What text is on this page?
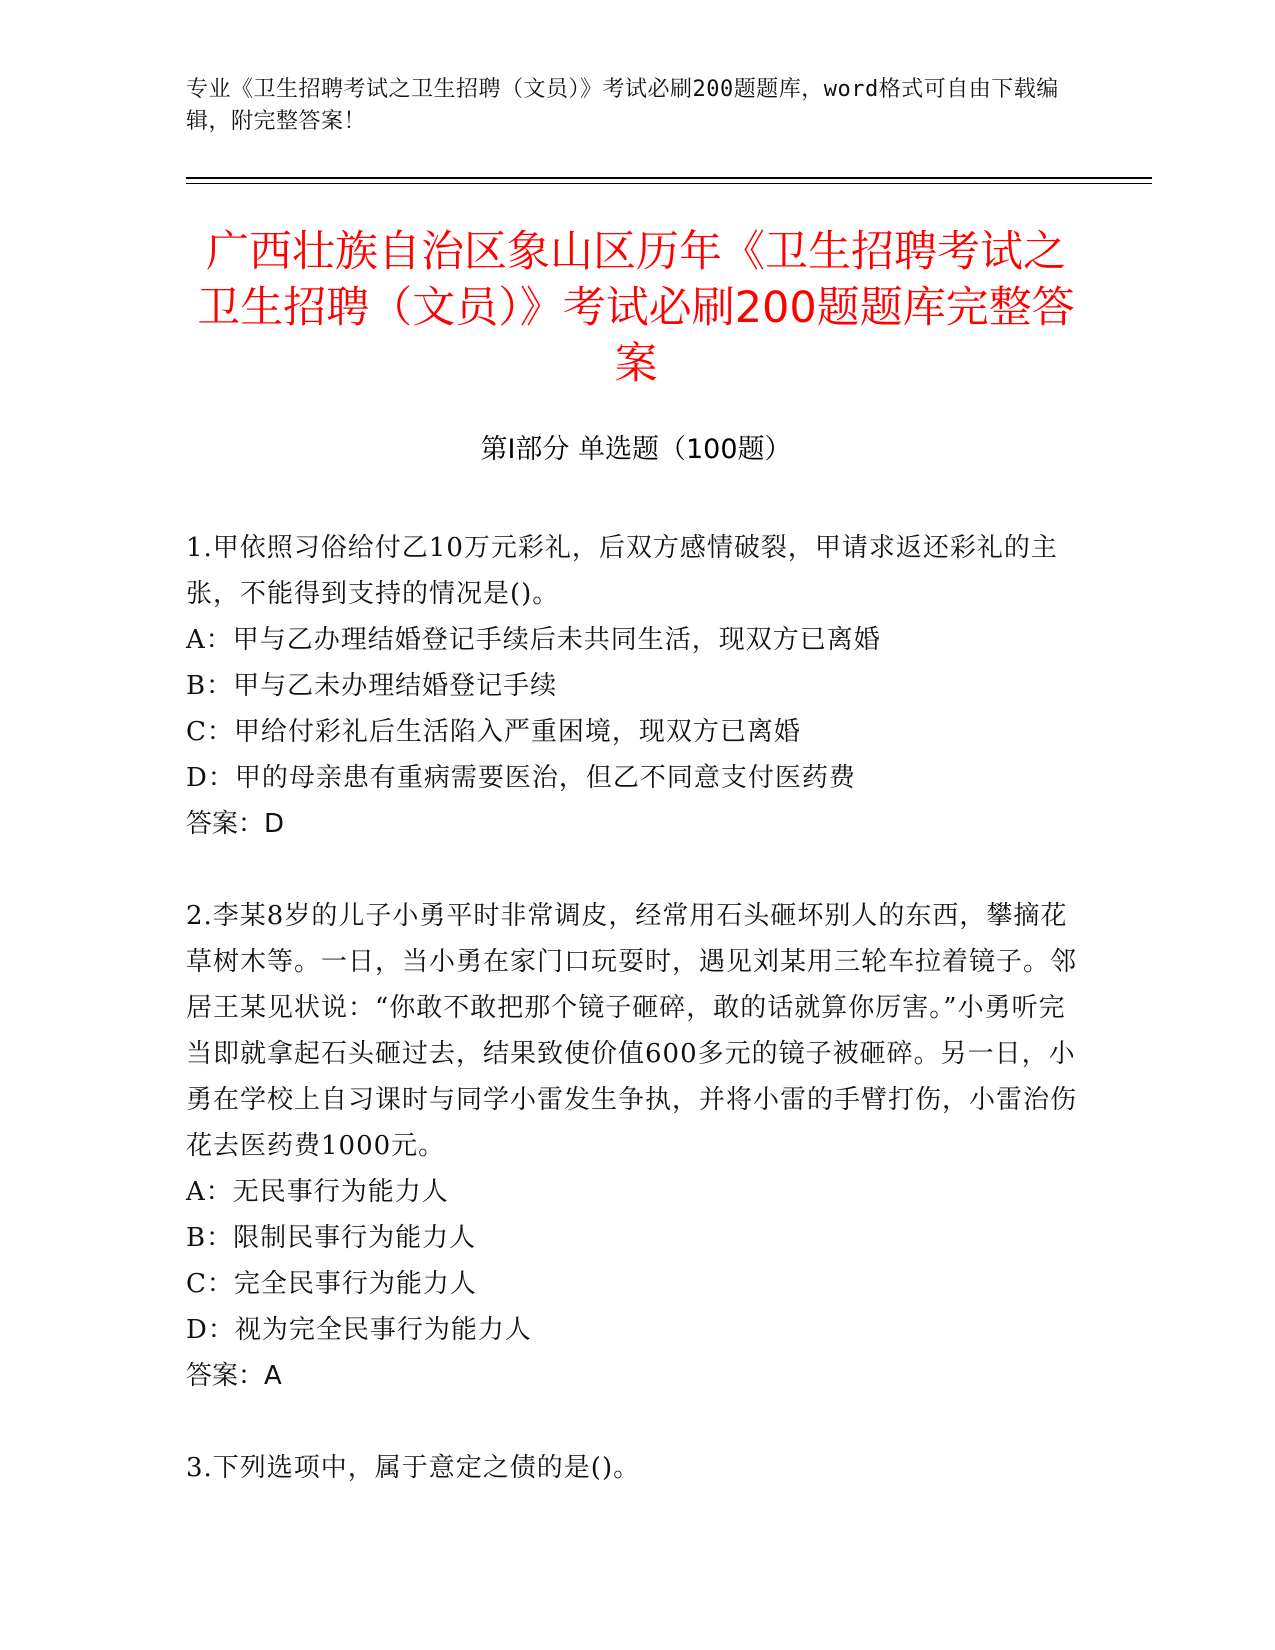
专业《卫生招聘考试之卫生招聘（文员）》考试必刷200题题库，word格式可自由下载编辑，附完整答案！
广西壮族自治区象山区历年《卫生招聘考试之卫生招聘（文员）》考试必刷200题题库完整答案
第Ⅰ部分 单选题（100题）
1.甲依照习俗给付乙10万元彩礼，后双方感情破裂，甲请求返还彩礼的主张，不能得到支持的情况是()。
A：甲与乙办理结婚登记手续后未共同生活，现双方已离婚
B：甲与乙未办理结婚登记手续
C：甲给付彩礼后生活陷入严重困境，现双方已离婚
D：甲的母亲患有重病需要医治，但乙不同意支付医药费
答案：D
2.李某8岁的儿子小勇平时非常调皮，经常用石头砸坏别人的东西，攀摘花草树木等。一日，当小勇在家门口玩耍时，遇见刘某用三轮车拉着镜子。邻居王某见状说：“你敢不敢把那个镜子砸碎，敢的话就算你厉害。”小勇听完当即就拿起石头砸过去，结果致使价值600多元的镜子被砸碎。另一日，小勇在学校上自习课时与同学小雷发生争执，并将小雷的手臂打伤，小雷治伤花去医药费1000元。
A：无民事行为能力人
B：限制民事行为能力人
C：完全民事行为能力人
D：视为完全民事行为能力人
答案：A
3.下列选项中，属于意定之债的是()。
